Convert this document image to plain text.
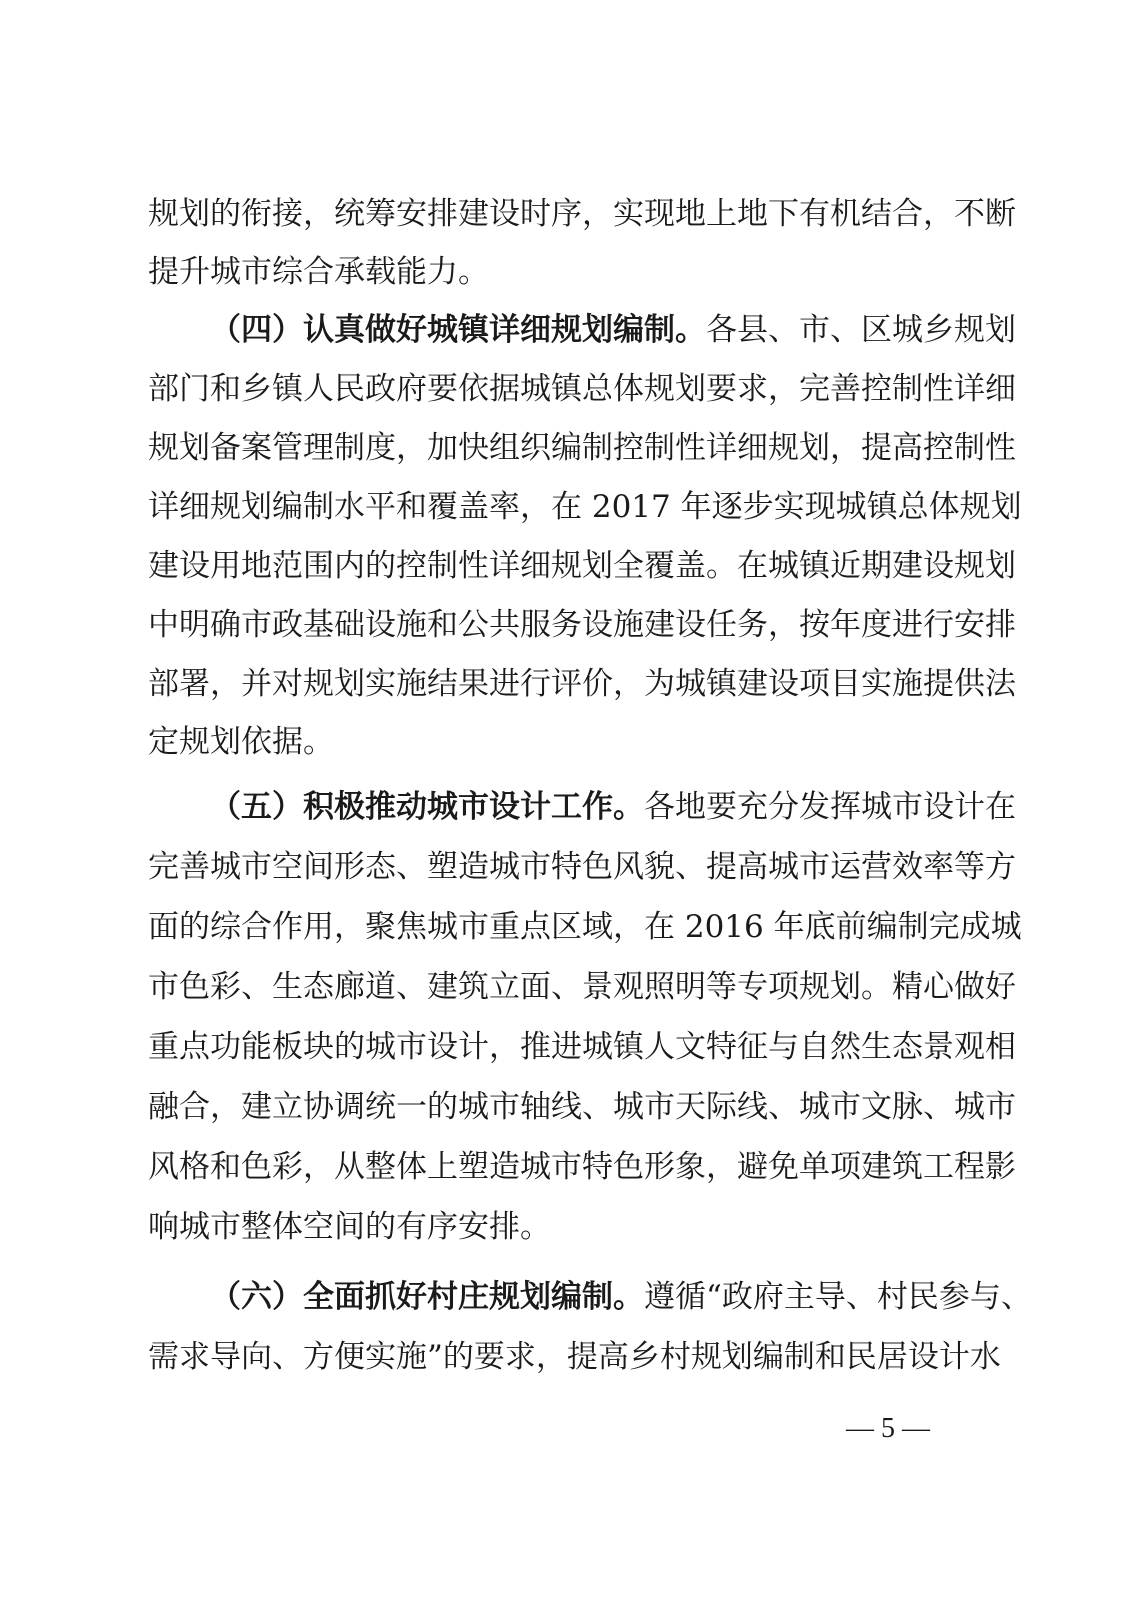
规划的衔接，统筹安排建设时序，实现地上地下有机结合，不断
提升城市综合承载能力。
（四）认真做好城镇详细规划编制。各县、市、区城乡规划
部门和乡镇人民政府要依据城镇总体规划要求，完善控制性详细
规划备案管理制度，加快组织编制控制性详细规划，提高控制性
详细规划编制水平和覆盖率，在 2017 年逐步实现城镇总体规划
建设用地范围内的控制性详细规划全覆盖。在城镇近期建设规划
中明确市政基础设施和公共服务设施建设任务，按年度进行安排
部署，并对规划实施结果进行评价，为城镇建设项目实施提供法
定规划依据。
（五）积极推动城市设计工作。各地要充分发挥城市设计在
完善城市空间形态、塑造城市特色风貌、提高城市运营效率等方
面的综合作用，聚焦城市重点区域，在 2016 年底前编制完成城
市色彩、生态廊道、建筑立面、景观照明等专项规划。精心做好
重点功能板块的城市设计，推进城镇人文特征与自然生态景观相
融合，建立协调统一的城市轴线、城市天际线、城市文脉、城市
风格和色彩，从整体上塑造城市特色形象，避免单项建筑工程影
响城市整体空间的有序安排。
（六）全面抓好村庄规划编制。遵循“政府主导、村民参与、
需求导向、方便实施”的要求，提高乡村规划编制和民居设计水
— 5 —
